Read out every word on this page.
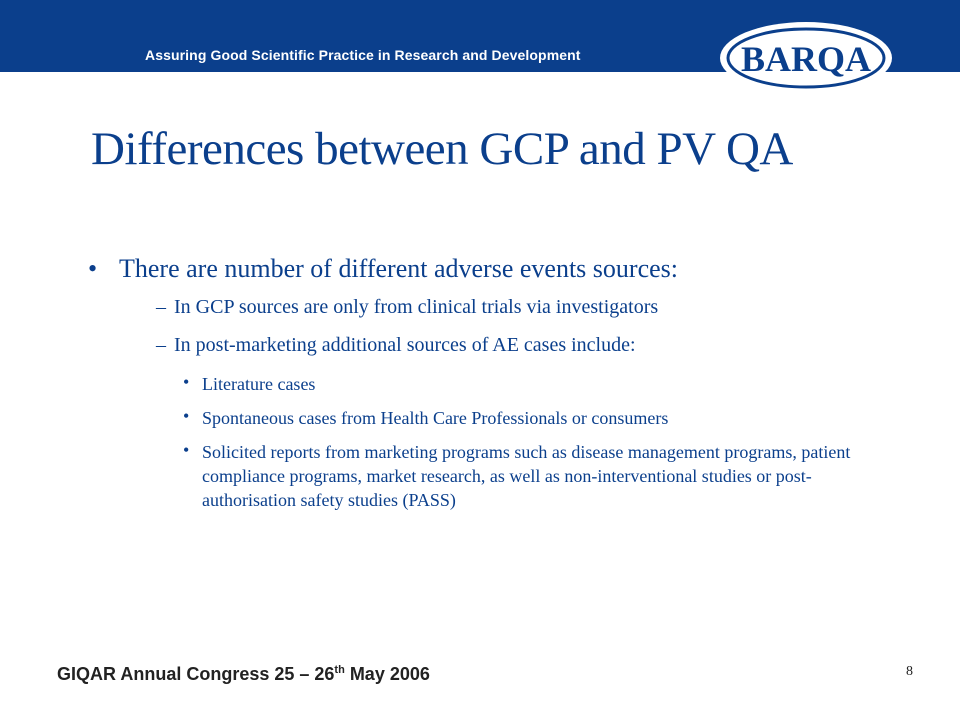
Assuring Good Scientific Practice in Research and Development	BARQA
Differences between GCP and PV QA
• There are number of different adverse events sources:
– In GCP sources are only from clinical trials via investigators
– In post-marketing additional sources of AE cases include:
• Literature cases
• Spontaneous cases from Health Care Professionals or consumers
• Solicited reports from marketing programs such as disease management programs, patient compliance programs, market research, as well as non-interventional studies or post-authorisation safety studies (PASS)
GIQAR Annual Congress 25 – 26th May 2006	8
